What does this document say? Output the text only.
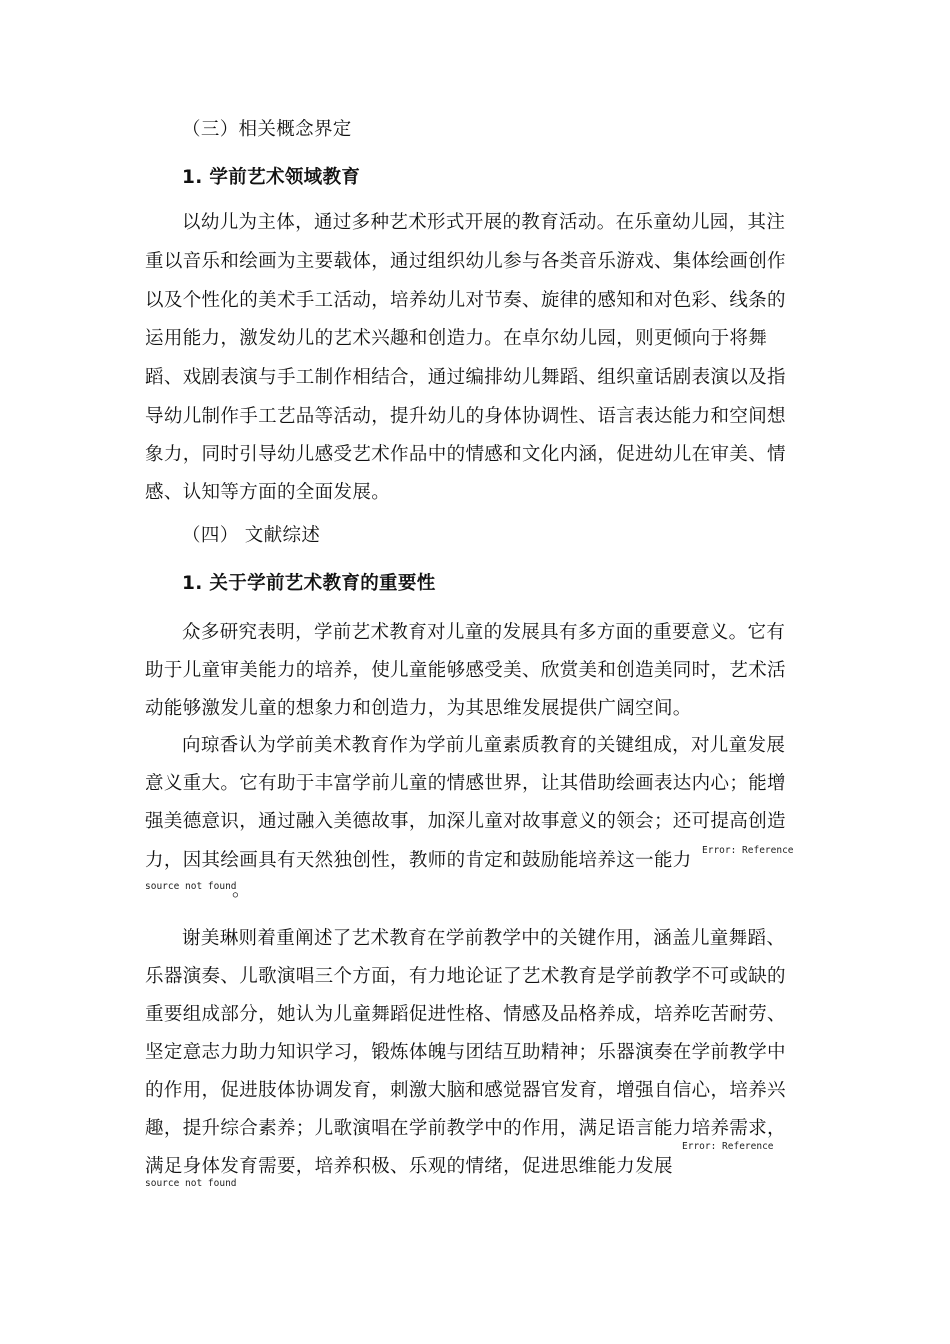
（三）相关概念界定
1. 学前艺术领域教育
以幼儿为主体，通过多种艺术形式开展的教育活动。在乐童幼儿园，其注
重以音乐和绘画为主要载体，通过组织幼儿参与各类音乐游戏、集体绘画创作
以及个性化的美术手工活动，培养幼儿对节奏、旋律的感知和对色彩、线条的
运用能力，激发幼儿的艺术兴趣和创造力。在卓尔幼儿园，则更倾向于将舞
蹈、戏剧表演与手工制作相结合，通过编排幼儿舞蹈、组织童话剧表演以及指
导幼儿制作手工艺品等活动，提升幼儿的身体协调性、语言表达能力和空间想
象力，同时引导幼儿感受艺术作品中的情感和文化内涵，促进幼儿在审美、情
感、认知等方面的全面发展。
（四） 文献综述
1. 关于学前艺术教育的重要性
众多研究表明，学前艺术教育对儿童的发展具有多方面的重要意义。它有
助于儿童审美能力的培养，使儿童能够感受美、欣赏美和创造美同时，艺术活
动能够激发儿童的想象力和创造力，为其思维发展提供广阔空间。
向琼香认为学前美术教育作为学前儿童素质教育的关键组成，对儿童发展
意义重大。它有助于丰富学前儿童的情感世界，让其借助绘画表达内心；能增
强美德意识，通过融入美德故事，加深儿童对故事意义的领会；还可提高创造
力，因其绘画具有天然独创性，教师的肯定和鼓励能培养这一能力	Error: Reference
source not found
。
谢美琳则着重阐述了艺术教育在学前教学中的关键作用，涵盖儿童舞蹈、
乐器演奏、儿歌演唱三个方面，有力地论证了艺术教育是学前教学不可或缺的
重要组成部分，她认为儿童舞蹈促进性格、情感及品格养成，培养吃苦耐劳、
坚定意志力助力知识学习，锻炼体魄与团结互助精神；乐器演奏在学前教学中
的作用，促进肢体协调发育，刺激大脑和感觉器官发育，增强自信心，培养兴
趣，提升综合素养；儿歌演唱在学前教学中的作用，满足语言能力培养需求，
满足身体发育需要，培养积极、乐观的情绪，促进思维能力发展
Error: Reference
source not found
